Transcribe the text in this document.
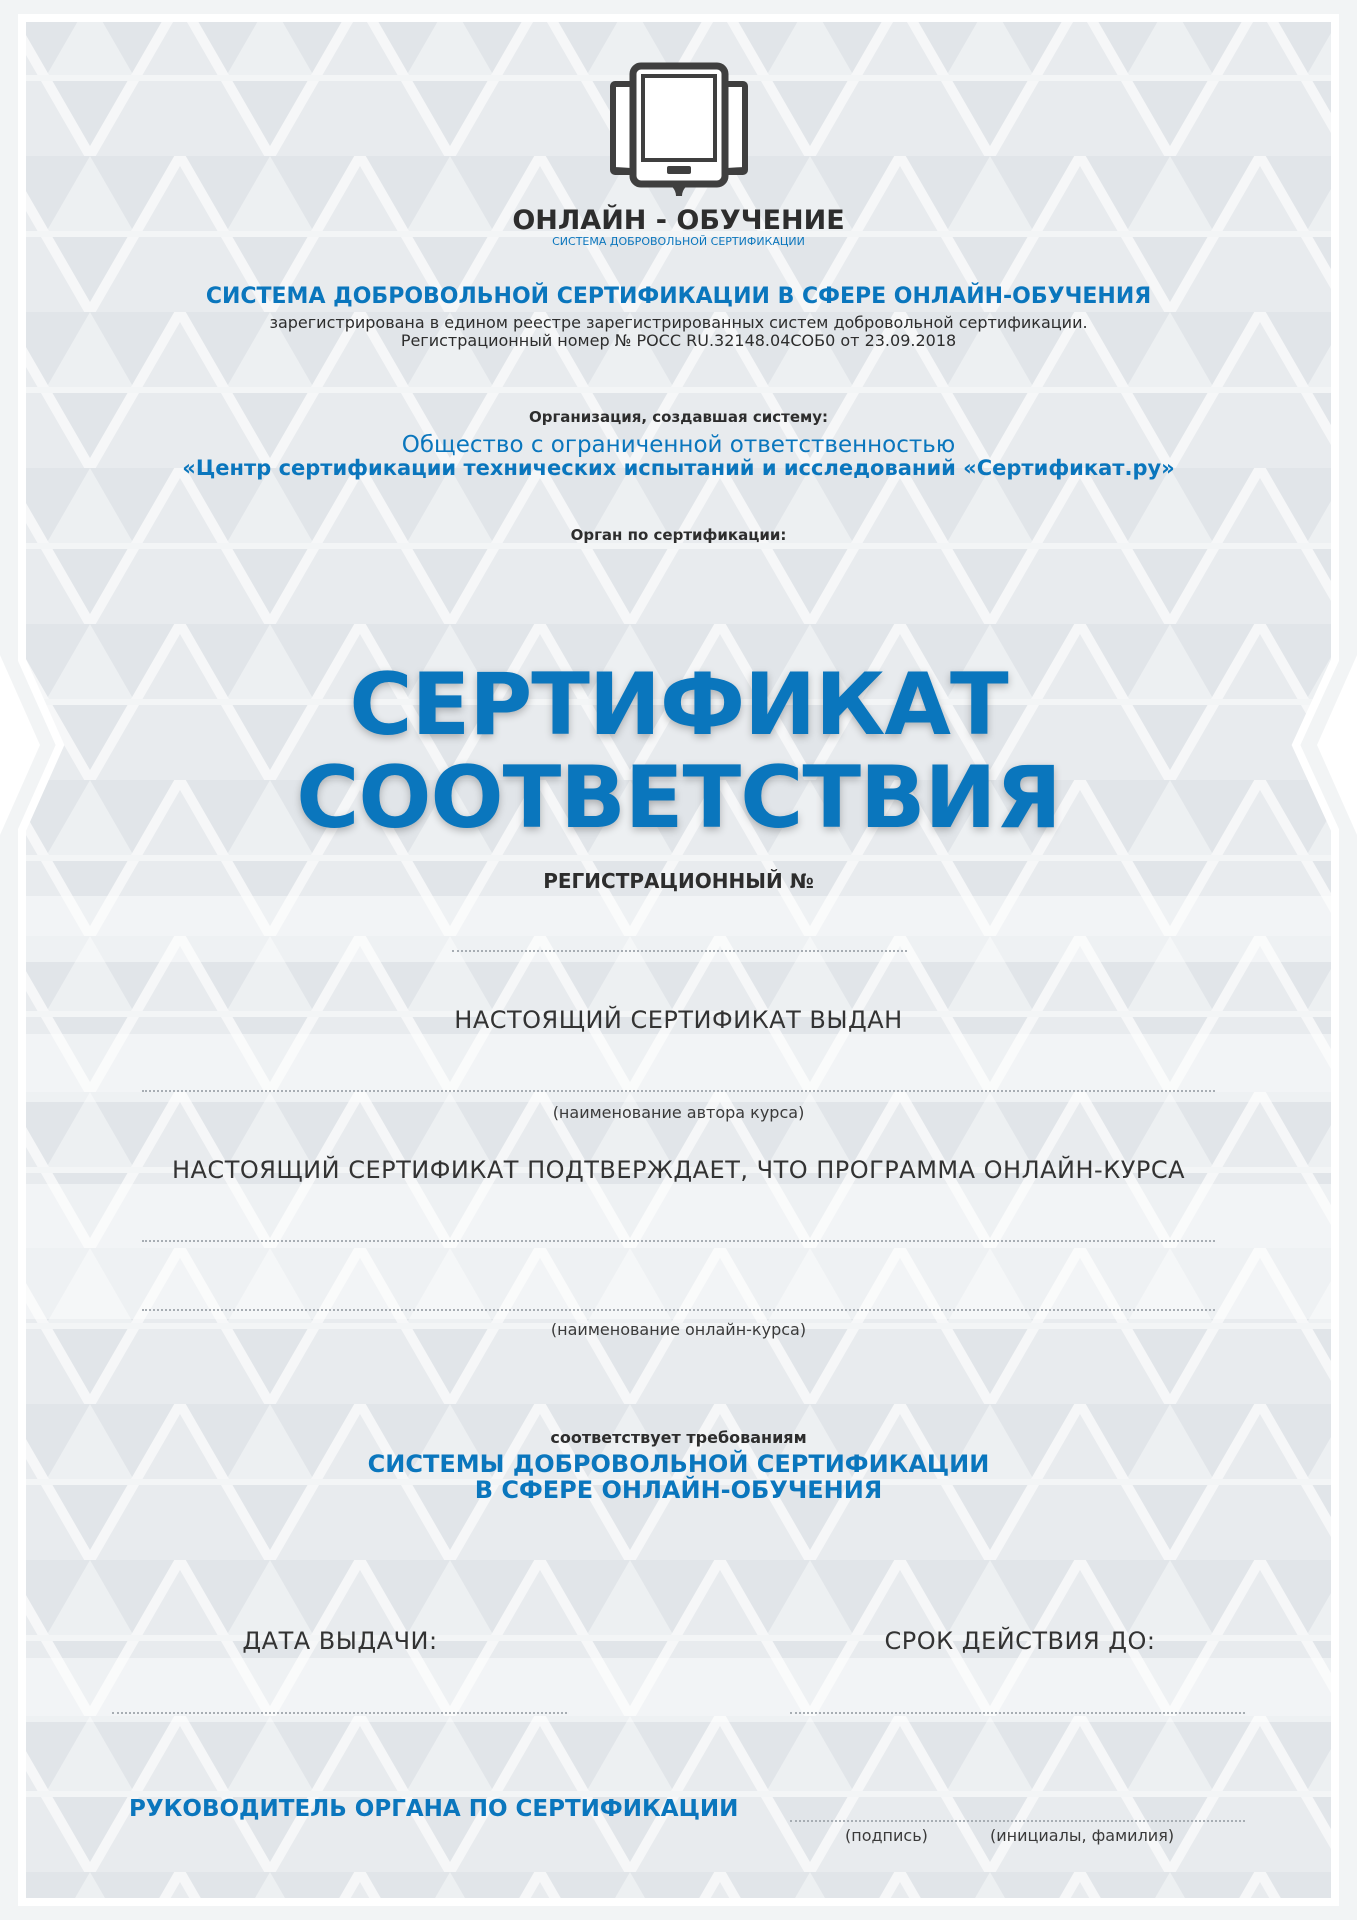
ОНЛАЙН - ОБУЧЕНИЕ
СИСТЕМА ДОБРОВОЛЬНОЙ СЕРТИФИКАЦИИ
СИСТЕМА ДОБРОВОЛЬНОЙ СЕРТИФИКАЦИИ В СФЕРЕ ОНЛАЙН-ОБУЧЕНИЯ
зарегистрирована в едином реестре зарегистрированных систем добровольной сертификации.
Регистрационный номер № РОСС RU.32148.04СОБ0 от 23.09.2018
Организация, создавшая систему:
Общество с ограниченной ответственностью
«Центр сертификации технических испытаний и исследований «Сертификат.ру»
Орган по сертификации:
СЕРТИФИКАТ
СООТВЕТСТВИЯ
РЕГИСТРАЦИОННЫЙ №
НАСТОЯЩИЙ СЕРТИФИКАТ ВЫДАН
(наименование автора курса)
НАСТОЯЩИЙ СЕРТИФИКАТ ПОДТВЕРЖДАЕТ, ЧТО ПРОГРАММА ОНЛАЙН-КУРСА
(наименование онлайн-курса)
соответствует требованиям
СИСТЕМЫ ДОБРОВОЛЬНОЙ СЕРТИФИКАЦИИ
В СФЕРЕ ОНЛАЙН-ОБУЧЕНИЯ
ДАТА ВЫДАЧИ:	СРОК ДЕЙСТВИЯ ДО:
РУКОВОДИТЕЛЬ ОРГАНА ПО СЕРТИФИКАЦИИ
(подпись)	(инициалы, фамилия)
